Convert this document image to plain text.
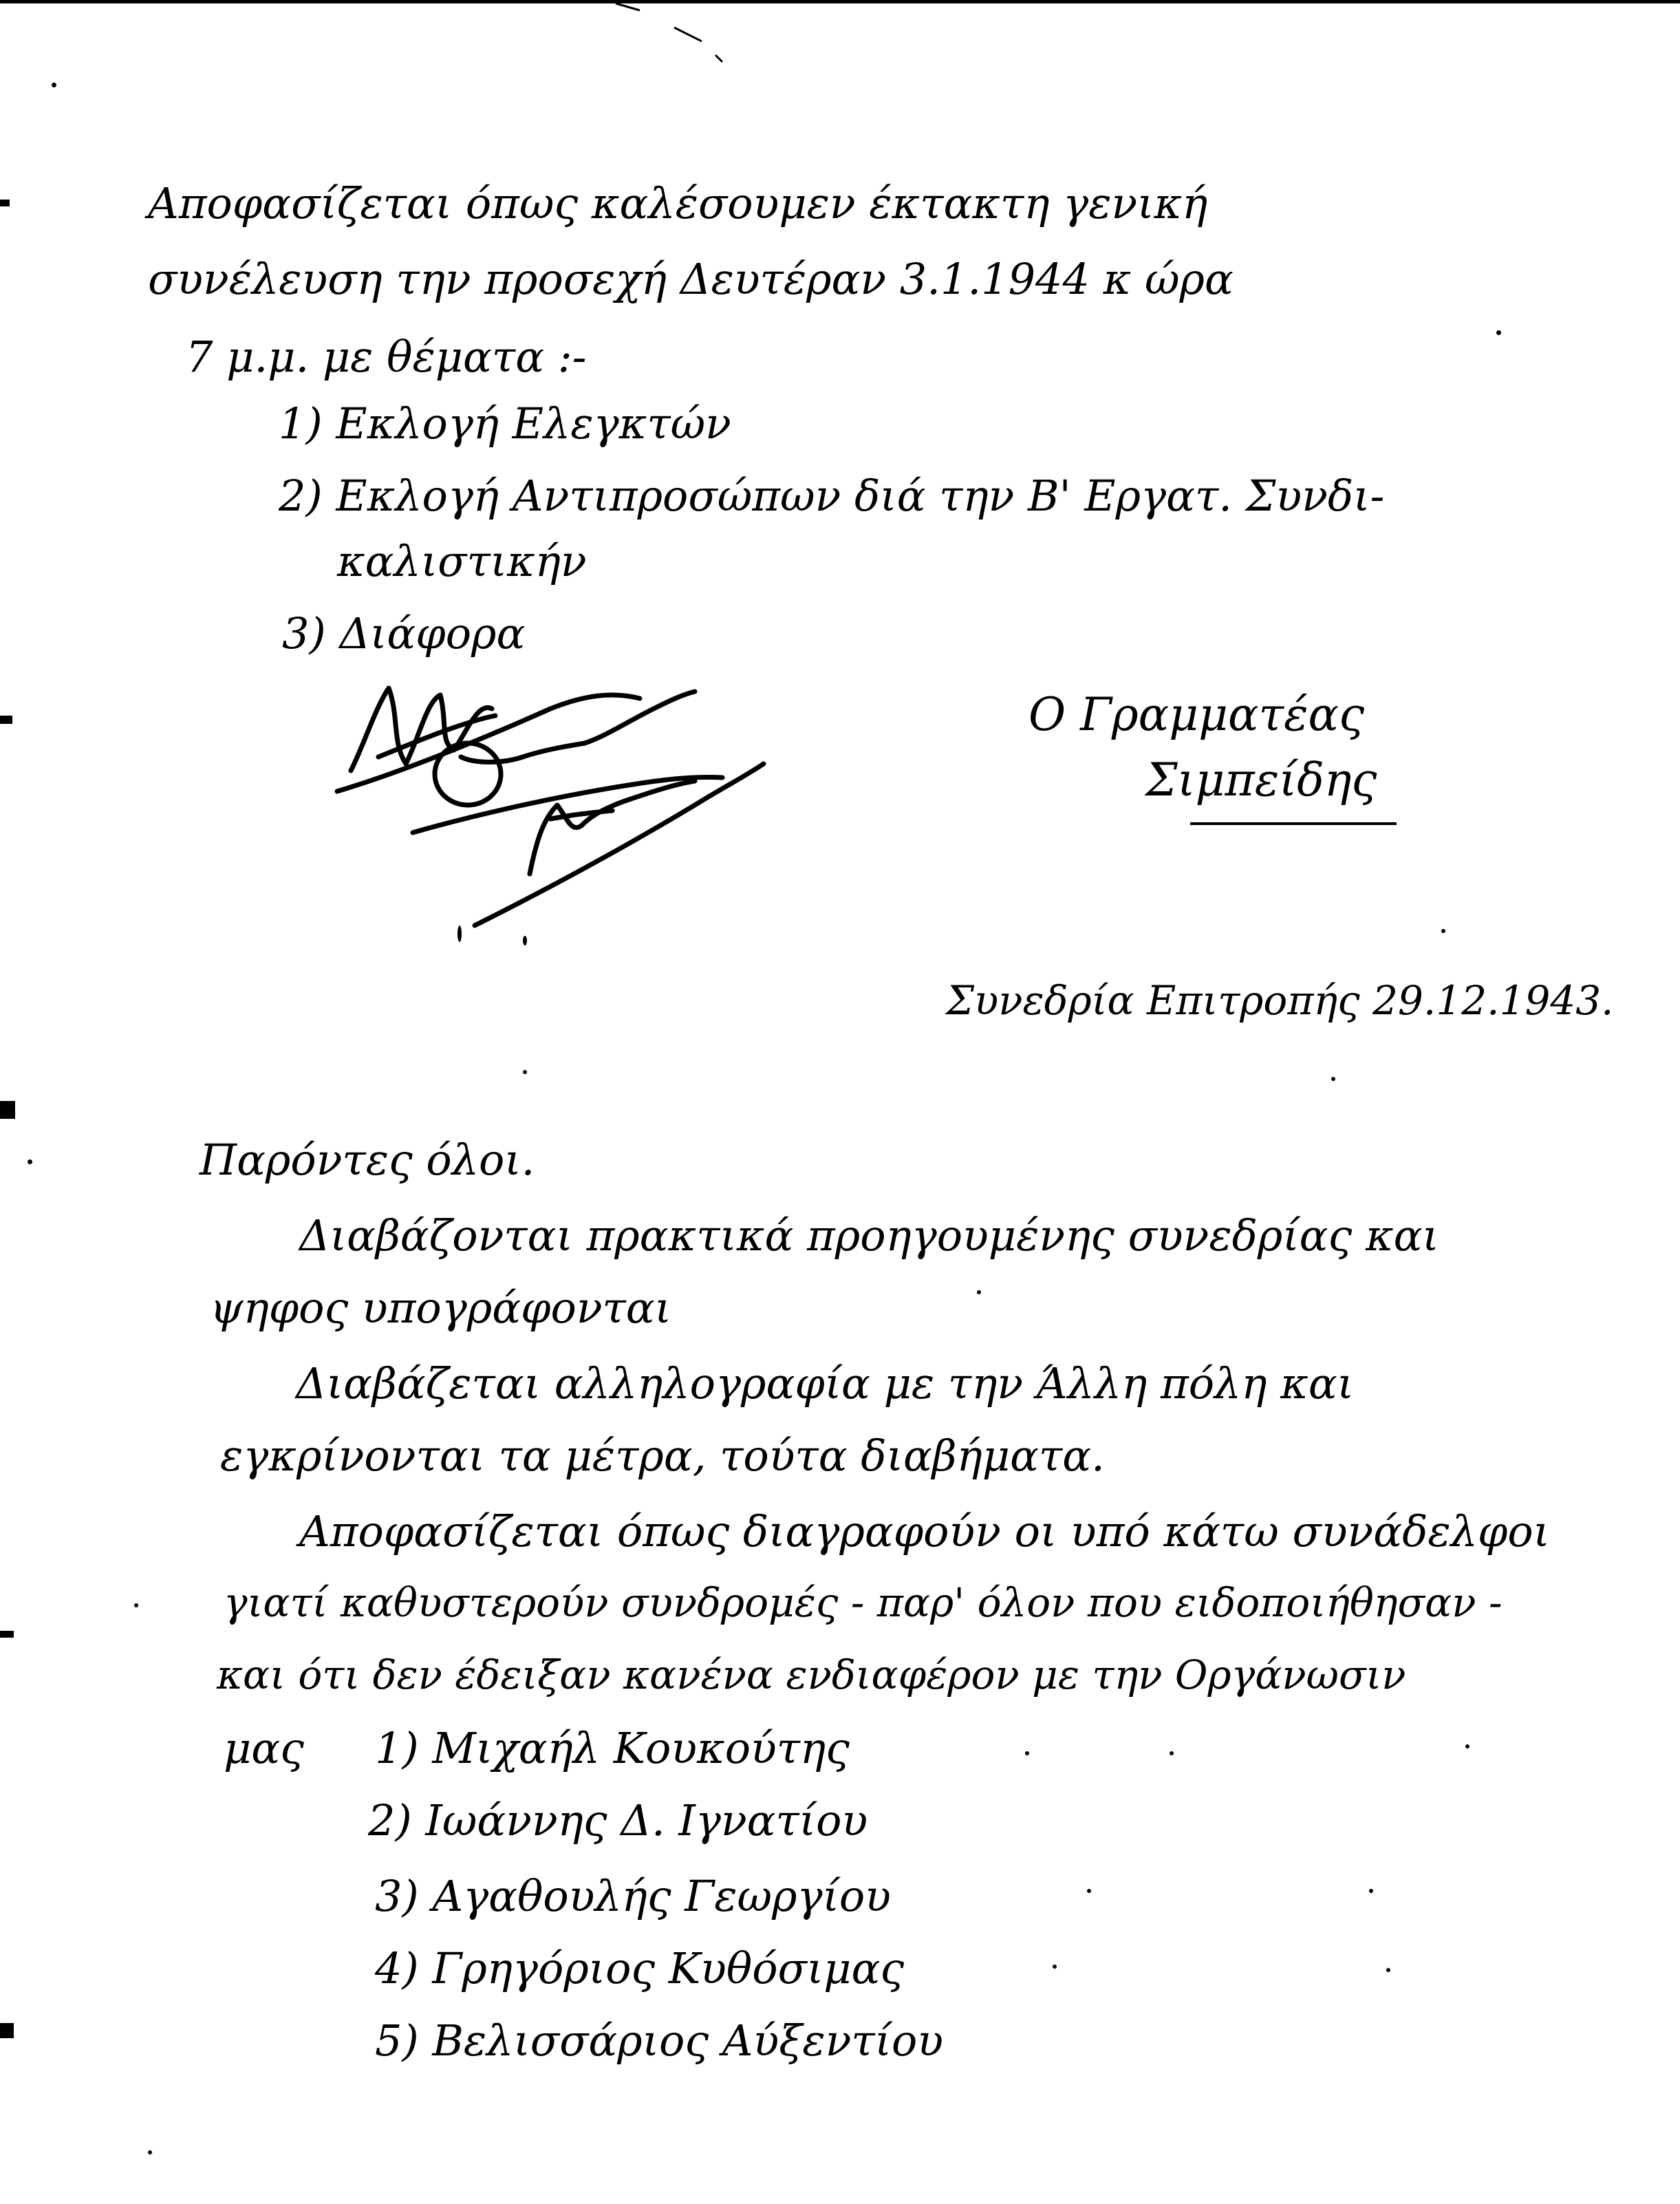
Αποφασίζεται όπως καλέσουμεν έκτακτη γενική
συνέλευση την προσεχή Δευτέραν 3.1.1944 κ ώρα
7 μ.μ. με θέματα :-
1) Εκλογή Ελεγκτών
2) Εκλογή Αντιπροσώπων διά την Β' Εργατ. Συνδι-
καλιστικήν
3) Διάφορα
Ο Γραμματέας
Σιμπείδης
Συνεδρία Επιτροπής 29.12.1943.
Παρόντες όλοι.
Διαβάζονται πρακτικά προηγουμένης συνεδρίας και
ψηφος υπογράφονται
Διαβάζεται αλληλογραφία με την Άλλη πόλη και
εγκρίνονται τα μέτρα, τούτα διαβήματα.
Αποφασίζεται όπως διαγραφούν οι υπό κάτω συνάδελφοι
γιατί καθυστερούν συνδρομές - παρ' όλον που ειδοποιήθησαν -
και ότι δεν έδειξαν κανένα ενδιαφέρον με την Οργάνωσιν
μας 1) Μιχαήλ Κουκούτης
2) Ιωάννης Δ. Ιγνατίου
3) Αγαθουλής Γεωργίου
4) Γρηγόριος Κυθόσιμας
5) Βελισσάριος Αύξεντίου
